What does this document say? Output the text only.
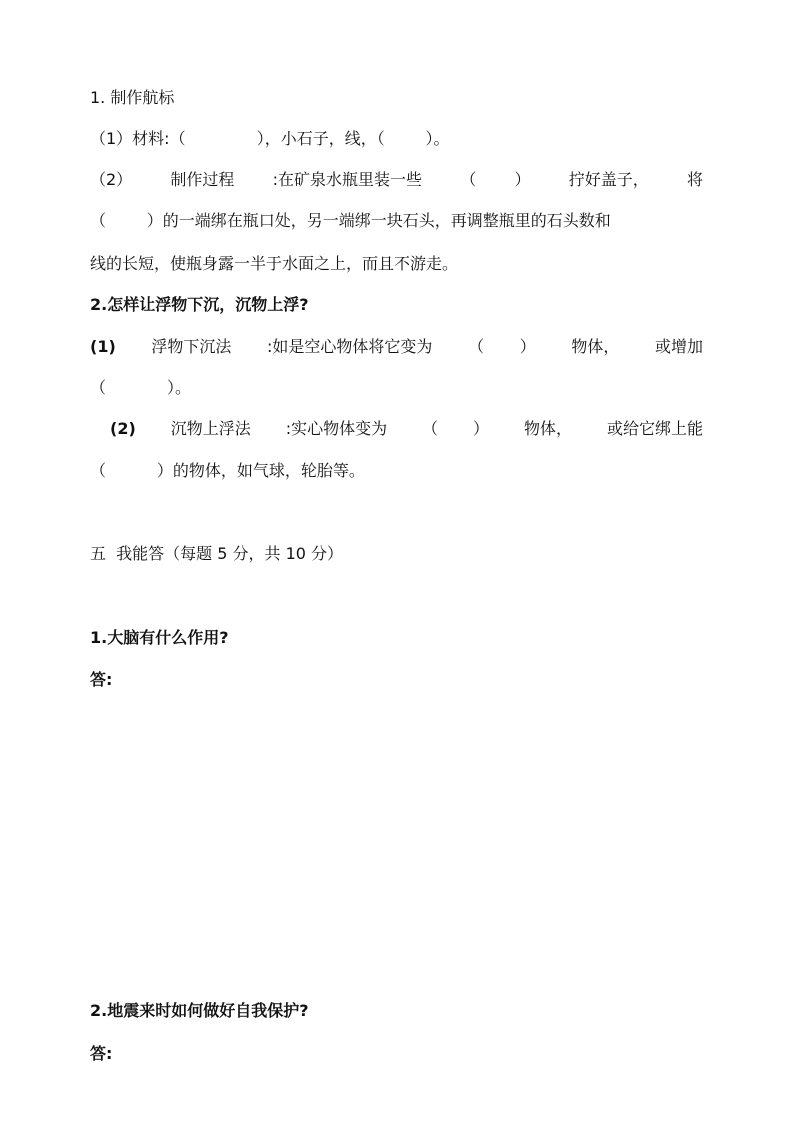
1. 制作航标
（1）材料:（              ），小石子，线，（        ）。
（2） 制作过程 :在矿泉水瓶里装一些 （ ） 拧好盖子， 将
（        ）的一端绑在瓶口处，另一端绑一块石头，再调整瓶里的石头数和
线的长短，使瓶身露一半于水面之上，而且不游走。
2.怎样让浮物下沉，沉物上浮?
(1) 浮物下沉法 :如是空心物体将它变为 （ ） 物体， 或增加
（            ）。
(2) 沉物上浮法 :实心物体变为 （ ） 物体， 或给它绑上能
（          ）的物体，如气球，轮胎等。
五  我能答（每题 5 分，共 10 分）
1.大脑有什么作用?
答:
2.地震来时如何做好自我保护?
答:
